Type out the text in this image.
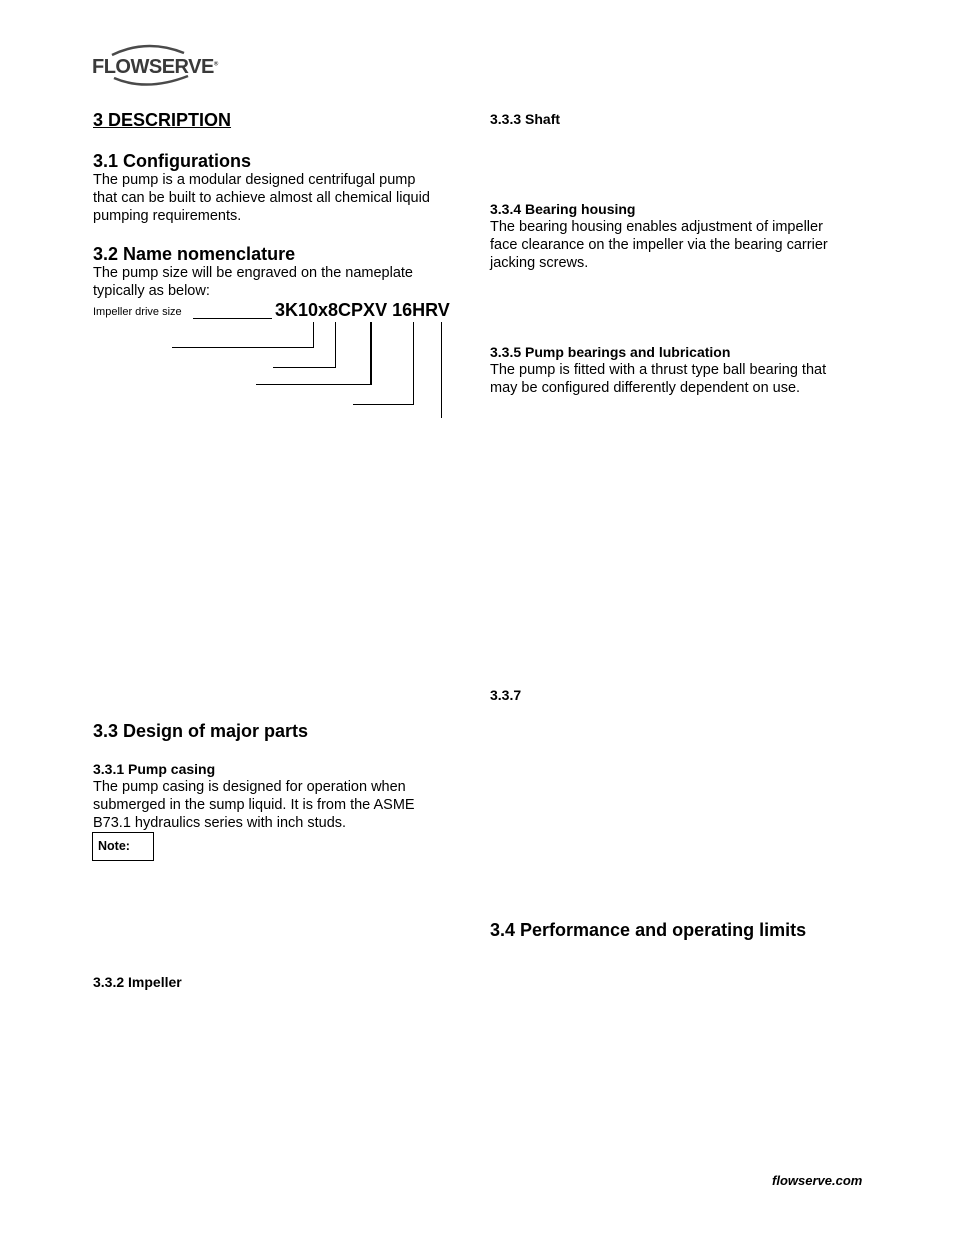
FLOWSERVE®
3 DESCRIPTION
3.1 Configurations
The pump is a modular designed centrifugal pump
that can be built to achieve almost all chemical liquid
pumping requirements.
3.2 Name nomenclature
The pump size will be engraved on the nameplate
typically as below:
Impeller drive size	3K10x8CPXV 16HRV
3.3 Design of major parts
3.3.1 Pump casing
The pump casing is designed for operation when
submerged in the sump liquid. It is from the ASME
B73.1 hydraulics series with inch studs.
Note:
3.3.2 Impeller
3.3.3 Shaft
3.3.4 Bearing housing
The bearing housing enables adjustment of impeller
face clearance on the impeller via the bearing carrier
jacking screws.
3.3.5 Pump bearings and lubrication
The pump is fitted with a thrust type ball bearing that
may be configured differently dependent on use.
3.3.7
3.4 Performance and operating limits
flowserve.com
